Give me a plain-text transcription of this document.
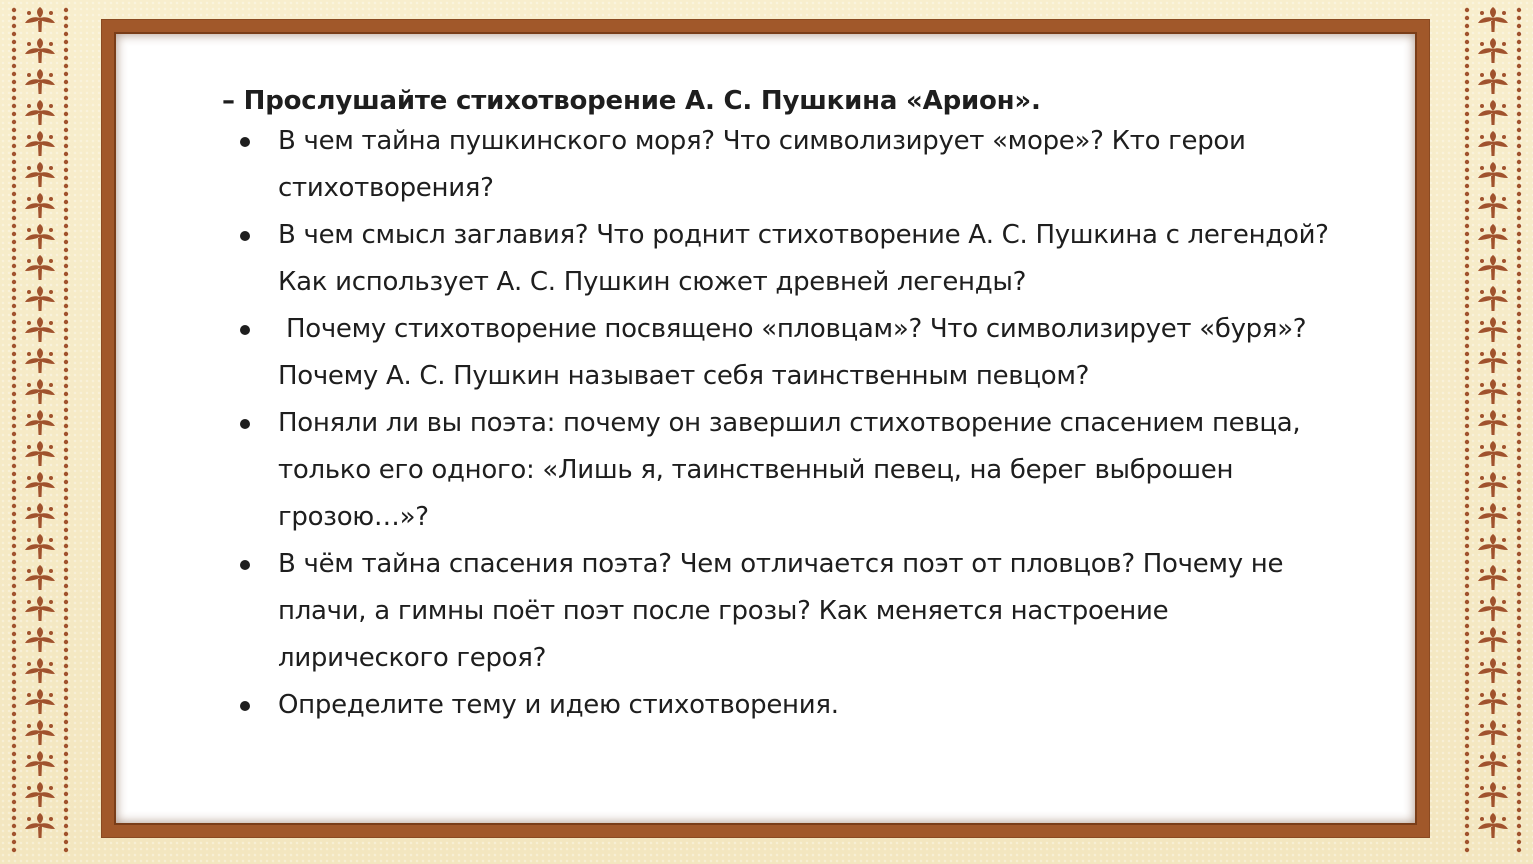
– Прослушайте стихотворение А. С. Пушкина «Арион».
В чем тайна пушкинского моря? Что символизирует «море»? Кто герои стихотворения?
В чем смысл заглавия? Что роднит стихотворение А. С. Пушкина с легендой? Как использует А. С. Пушкин сюжет древней легенды?
Почему стихотворение посвящено «пловцам»? Что символизирует «буря»? Почему А. С. Пушкин называет себя таинственным певцом?
Поняли ли вы поэта: почему он завершил стихотворение спасением певца, только его одного: «Лишь я, таинственный певец, на берег выброшен грозою…»?
В чём тайна спасения поэта? Чем отличается поэт от пловцов? Почему не плачи, а гимны поёт поэт после грозы? Как меняется настроение лирического героя?
Определите тему и идею стихотворения.
